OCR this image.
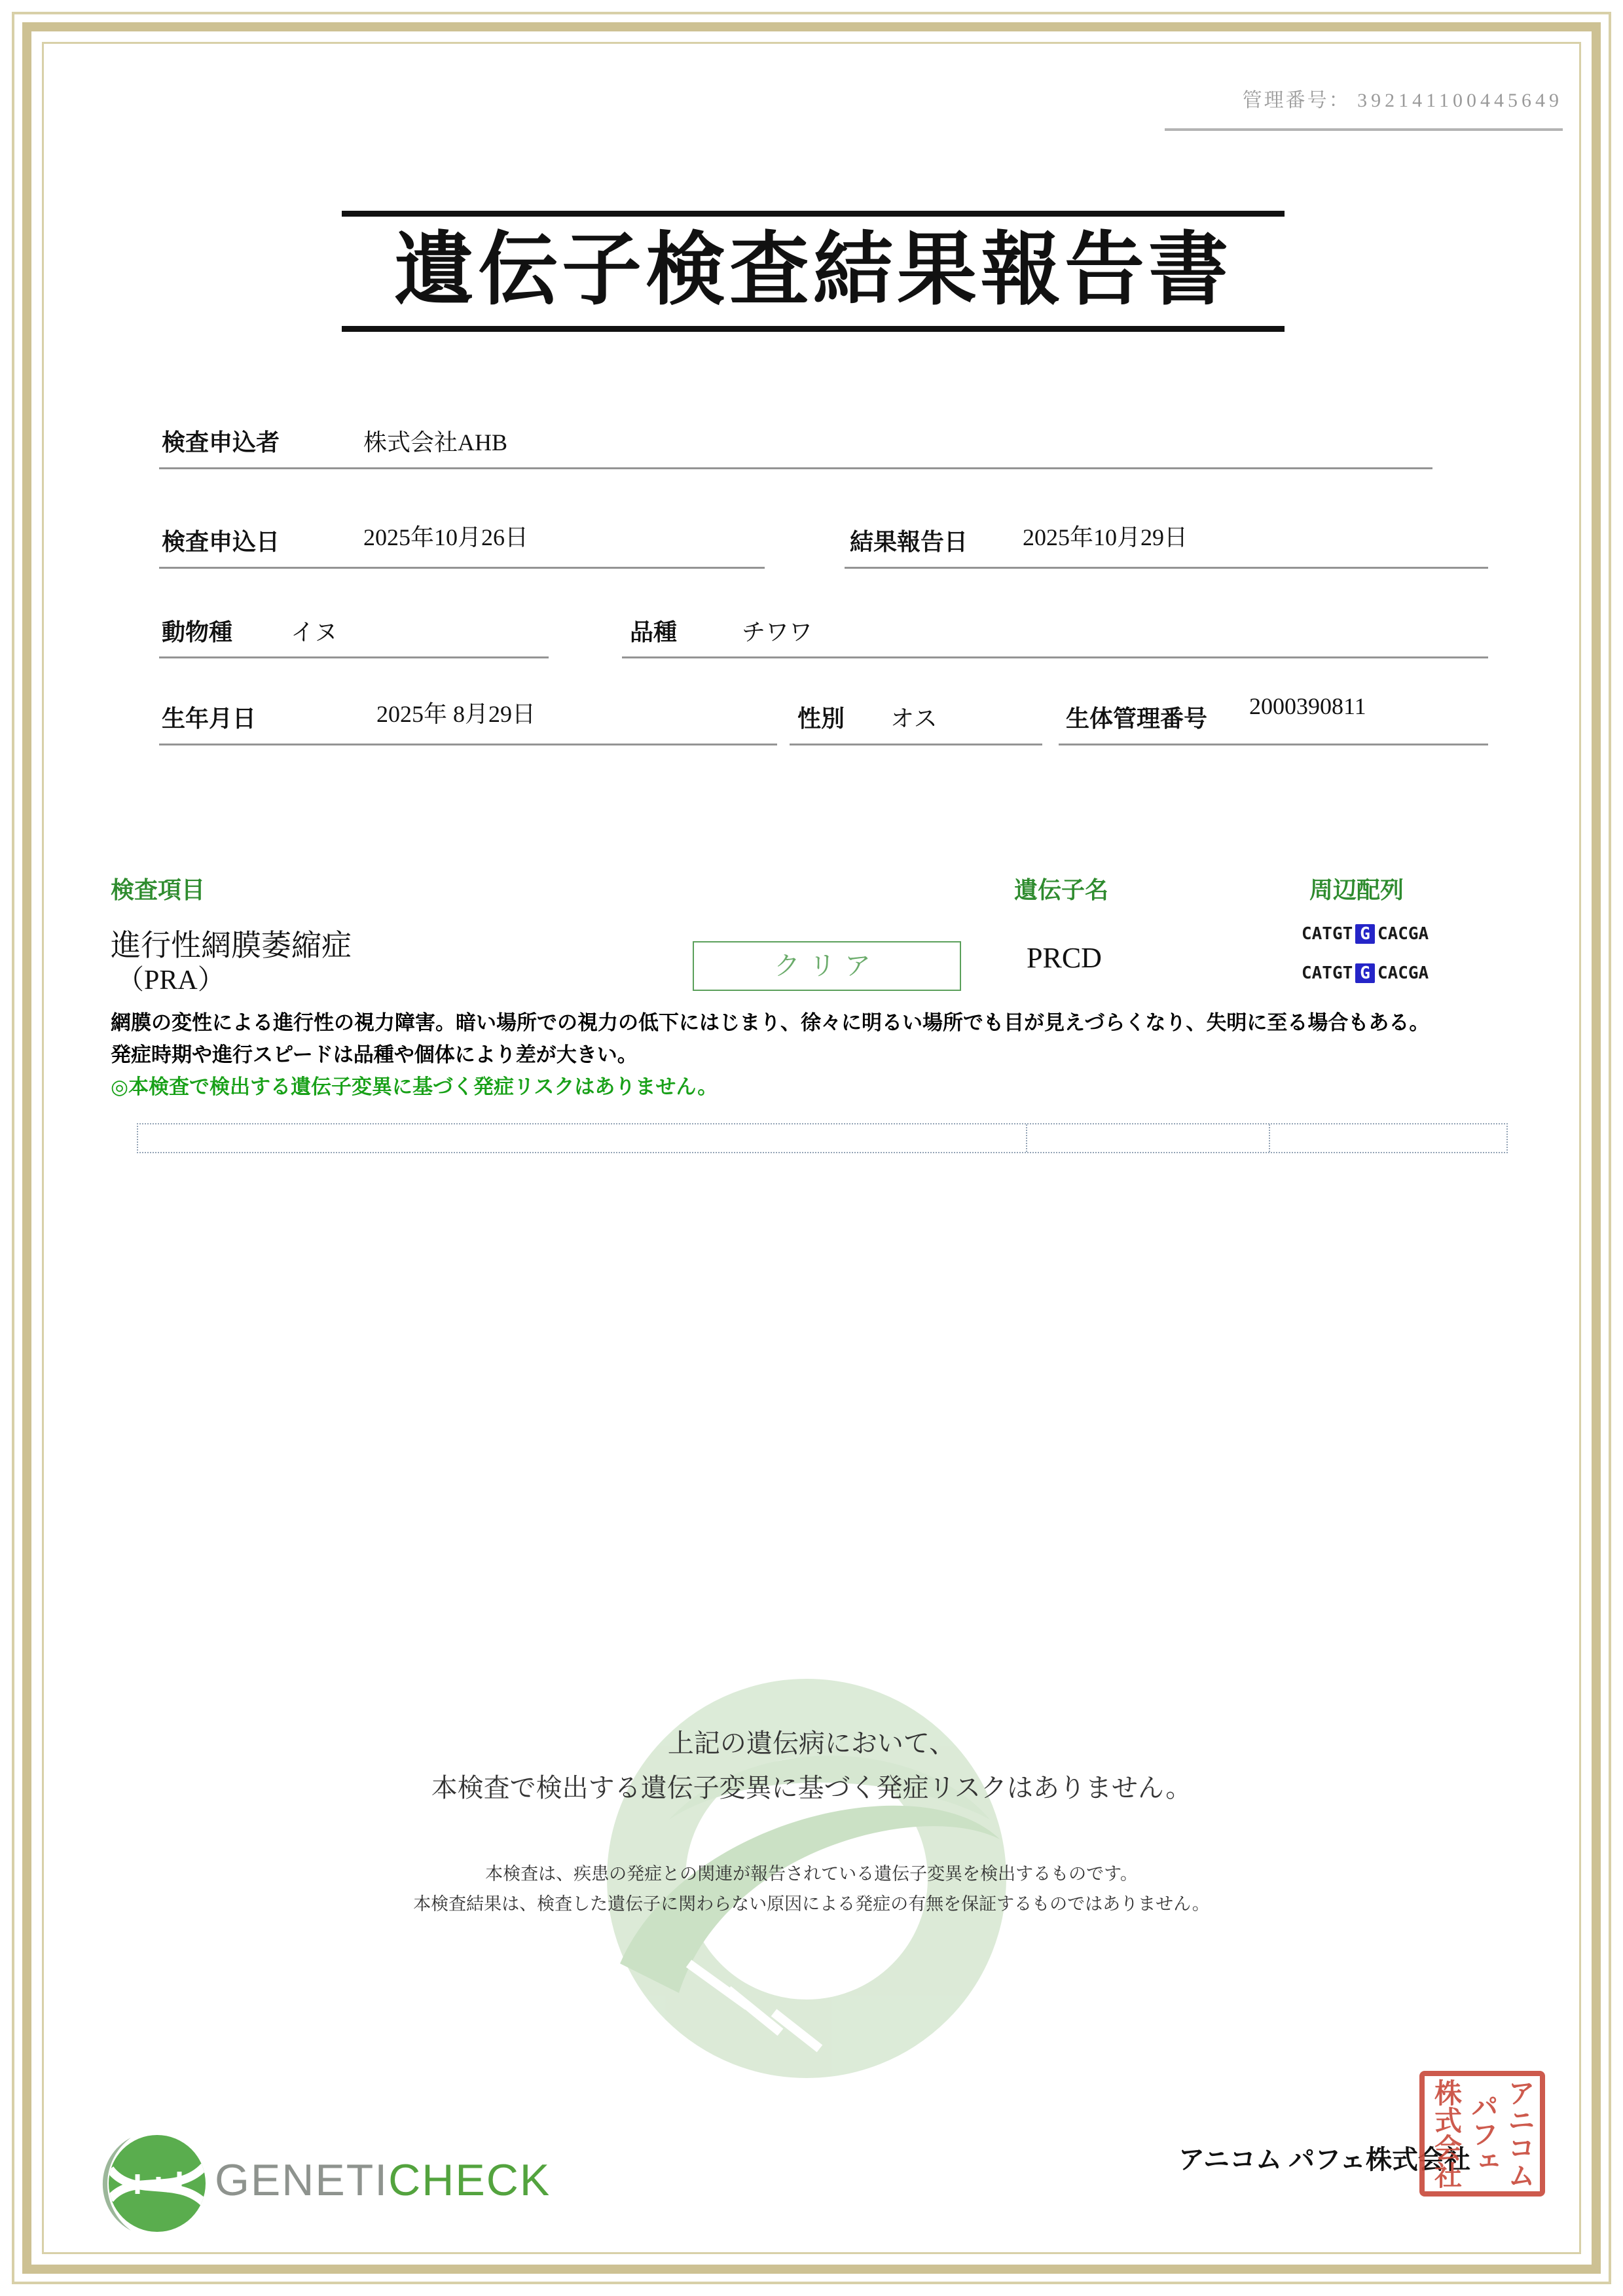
管理番号： 392141100445649
遺伝子検査結果報告書
検査申込者	株式会社AHB
検査申込日	2025年10月26日	結果報告日 2025年10月29日
動物種 イヌ	品種	チワワ
生年月日	2025年 8月29日	性別 オス	生体管理番号 2000390811
検査項目	遺伝子名	周辺配列
進行性網膜萎縮症
（PRA）	クリア	PRCD
CATGT G CACGA
CATGT G CACGA
網膜の変性による進行性の視力障害。暗い場所での視力の低下にはじまり、徐々に明るい場所でも目が見えづらくなり、失明に至る場合もある。
発症時期や進行スピードは品種や個体により差が大きい。
◎本検査で検出する遺伝子変異に基づく発症リスクはありません。
上記の遺伝病において、
本検査で検出する遺伝子変異に基づく発症リスクはありません。
本検査は、疾患の発症との関連が報告されている遺伝子変異を検出するものです。
本検査結果は、検査した遺伝子に関わらない原因による発症の有無を保証するものではありません。
GENETICHECK	アニコム パフェ株式会社
株式会社 パフェ アニコム
